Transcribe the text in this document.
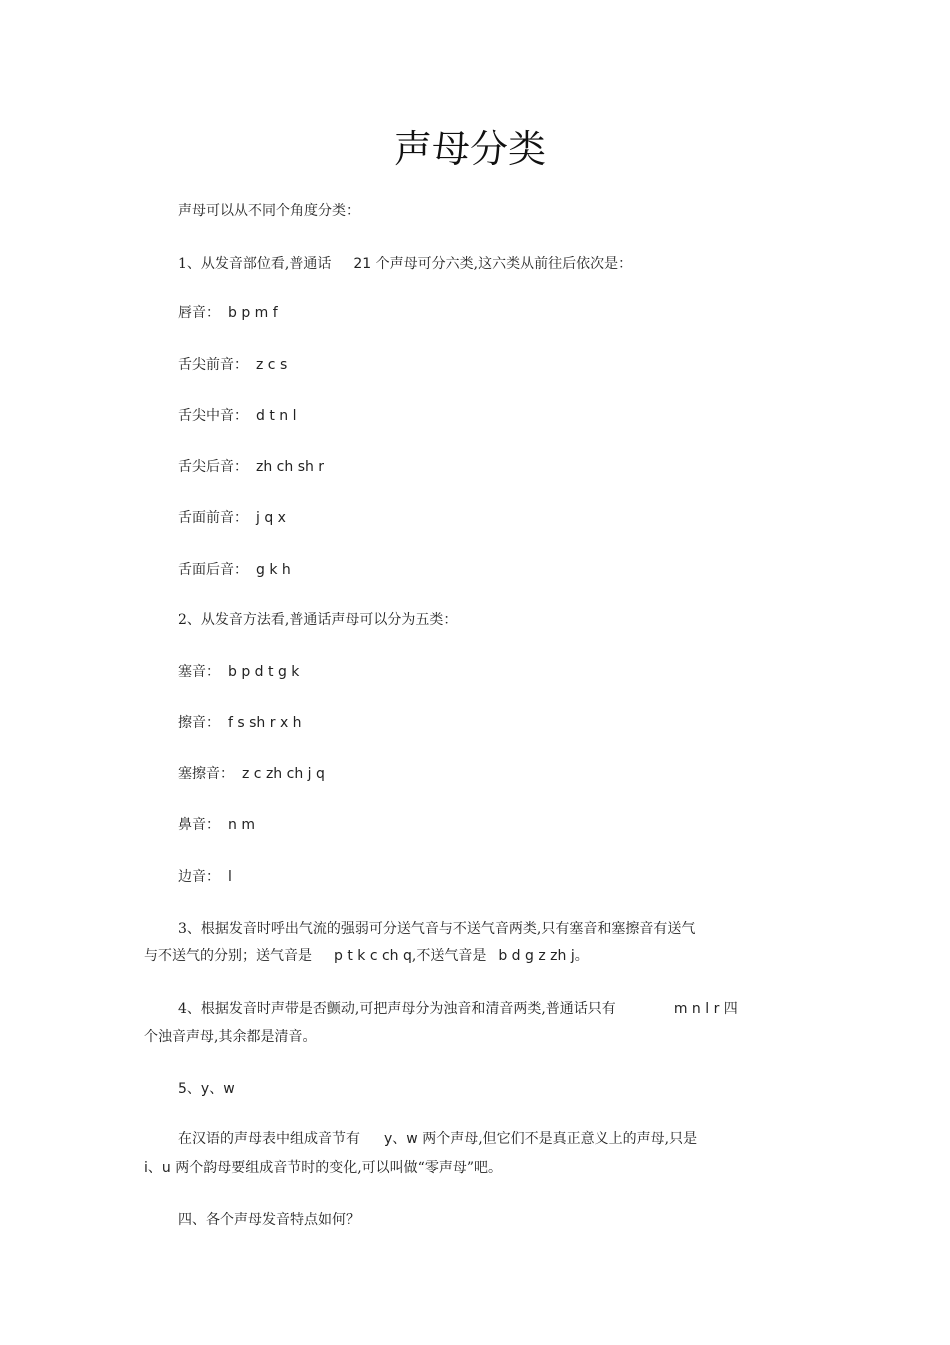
声母分类
声母可以从不同个角度分类：
1、从发音部位看,普通话 21 个声母可分六类,这六类从前往后依次是：
唇音： b p m f
舌尖前音： z c s
舌尖中音： d t n l
舌尖后音： zh ch sh r
舌面前音： j q x
舌面后音： g k h
2、从发音方法看,普通话声母可以分为五类：
塞音： b p d t g k
擦音： f s sh r x h
塞擦音： z c zh ch j q
鼻音： n m
边音： l
3、根据发音时呼出气流的强弱可分送气音与不送气音两类,只有塞音和塞擦音有送气
与不送气的分别；送气音是 p t k c ch q,不送气音是 b d g z zh j。
4、根据发音时声带是否颤动,可把声母分为浊音和清音两类,普通话只有	m n l r 四
个浊音声母,其余都是清音。
5、y、w
在汉语的声母表中组成音节有 y、w 两个声母,但它们不是真正意义上的声母,只是
i、u 两个韵母要组成音节时的变化,可以叫做“零声母”吧。
四、各个声母发音特点如何？
